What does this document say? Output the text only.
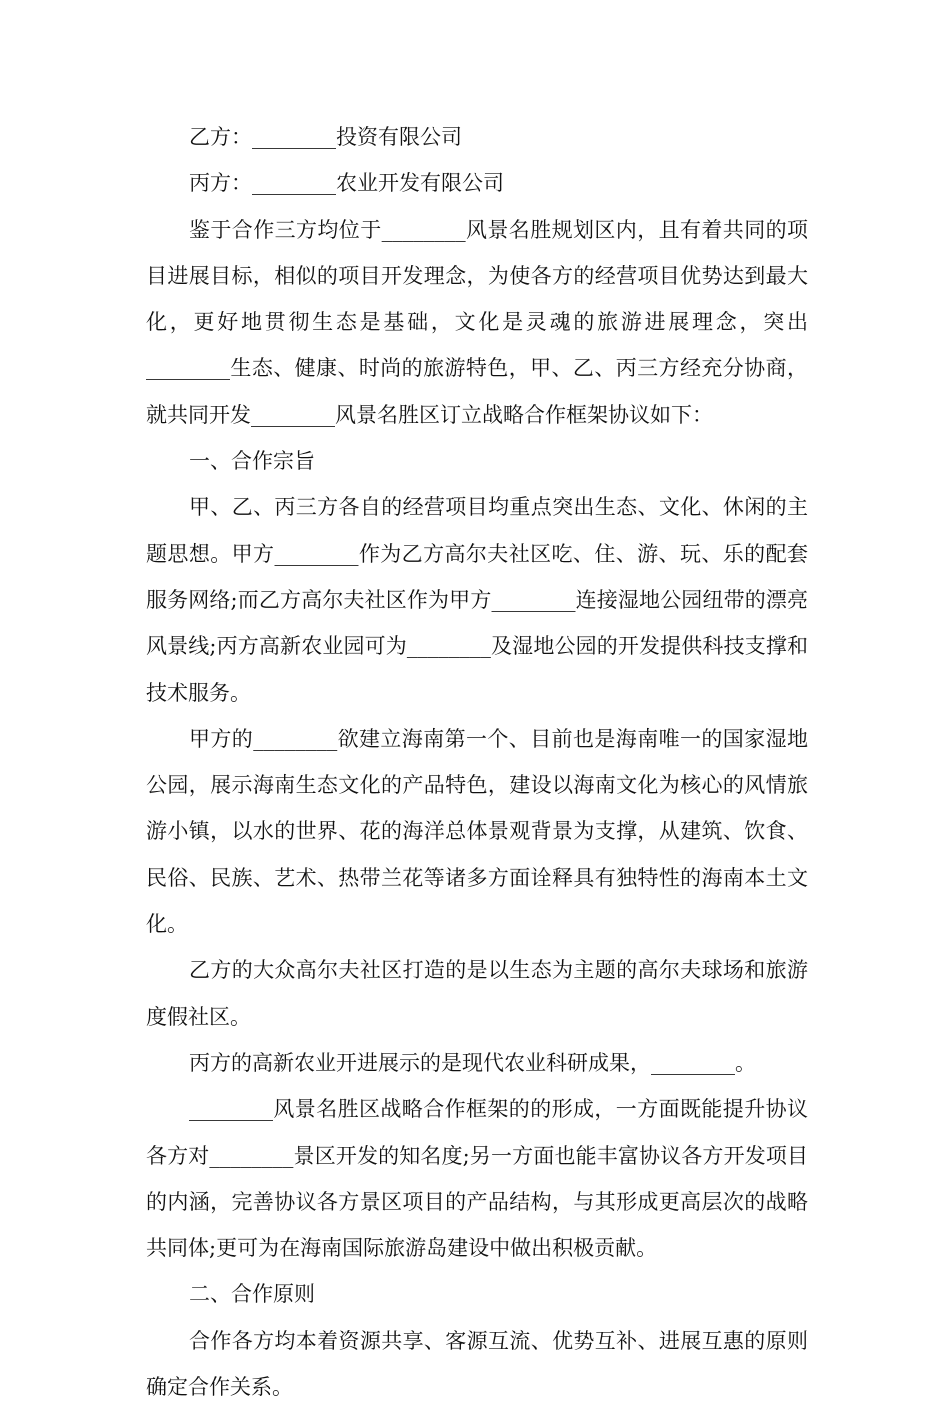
乙方：________投资有限公司

丙方：________农业开发有限公司

鉴于合作三方均位于________风景名胜规划区内，且有着共同的项目进展目标，相似的项目开发理念，为使各方的经营项目优势达到最大化，更好地贯彻生态是基础，文化是灵魂的旅游进展理念，突出________生态、健康、时尚的旅游特色，甲、乙、丙三方经充分协商，就共同开发________风景名胜区订立战略合作框架协议如下：

一、合作宗旨

甲、乙、丙三方各自的经营项目均重点突出生态、文化、休闲的主题思想。甲方________作为乙方高尔夫社区吃、住、游、玩、乐的配套服务网络;而乙方高尔夫社区作为甲方________连接湿地公园纽带的漂亮风景线;丙方高新农业园可为________及湿地公园的开发提供科技支撑和技术服务。

甲方的________欲建立海南第一个、目前也是海南唯一的国家湿地公园，展示海南生态文化的产品特色，建设以海南文化为核心的风情旅游小镇，以水的世界、花的海洋总体景观背景为支撑，从建筑、饮食、民俗、民族、艺术、热带兰花等诸多方面诠释具有独特性的海南本土文化。

乙方的大众高尔夫社区打造的是以生态为主题的高尔夫球场和旅游度假社区。

丙方的高新农业开进展示的是现代农业科研成果，________。

________风景名胜区战略合作框架的的形成，一方面既能提升协议各方对________景区开发的知名度;另一方面也能丰富协议各方开发项目的内涵，完善协议各方景区项目的产品结构，与其形成更高层次的战略共同体;更可为在海南国际旅游岛建设中做出积极贡献。

二、合作原则

合作各方均本着资源共享、客源互流、优势互补、进展互惠的原则确定合作关系。
